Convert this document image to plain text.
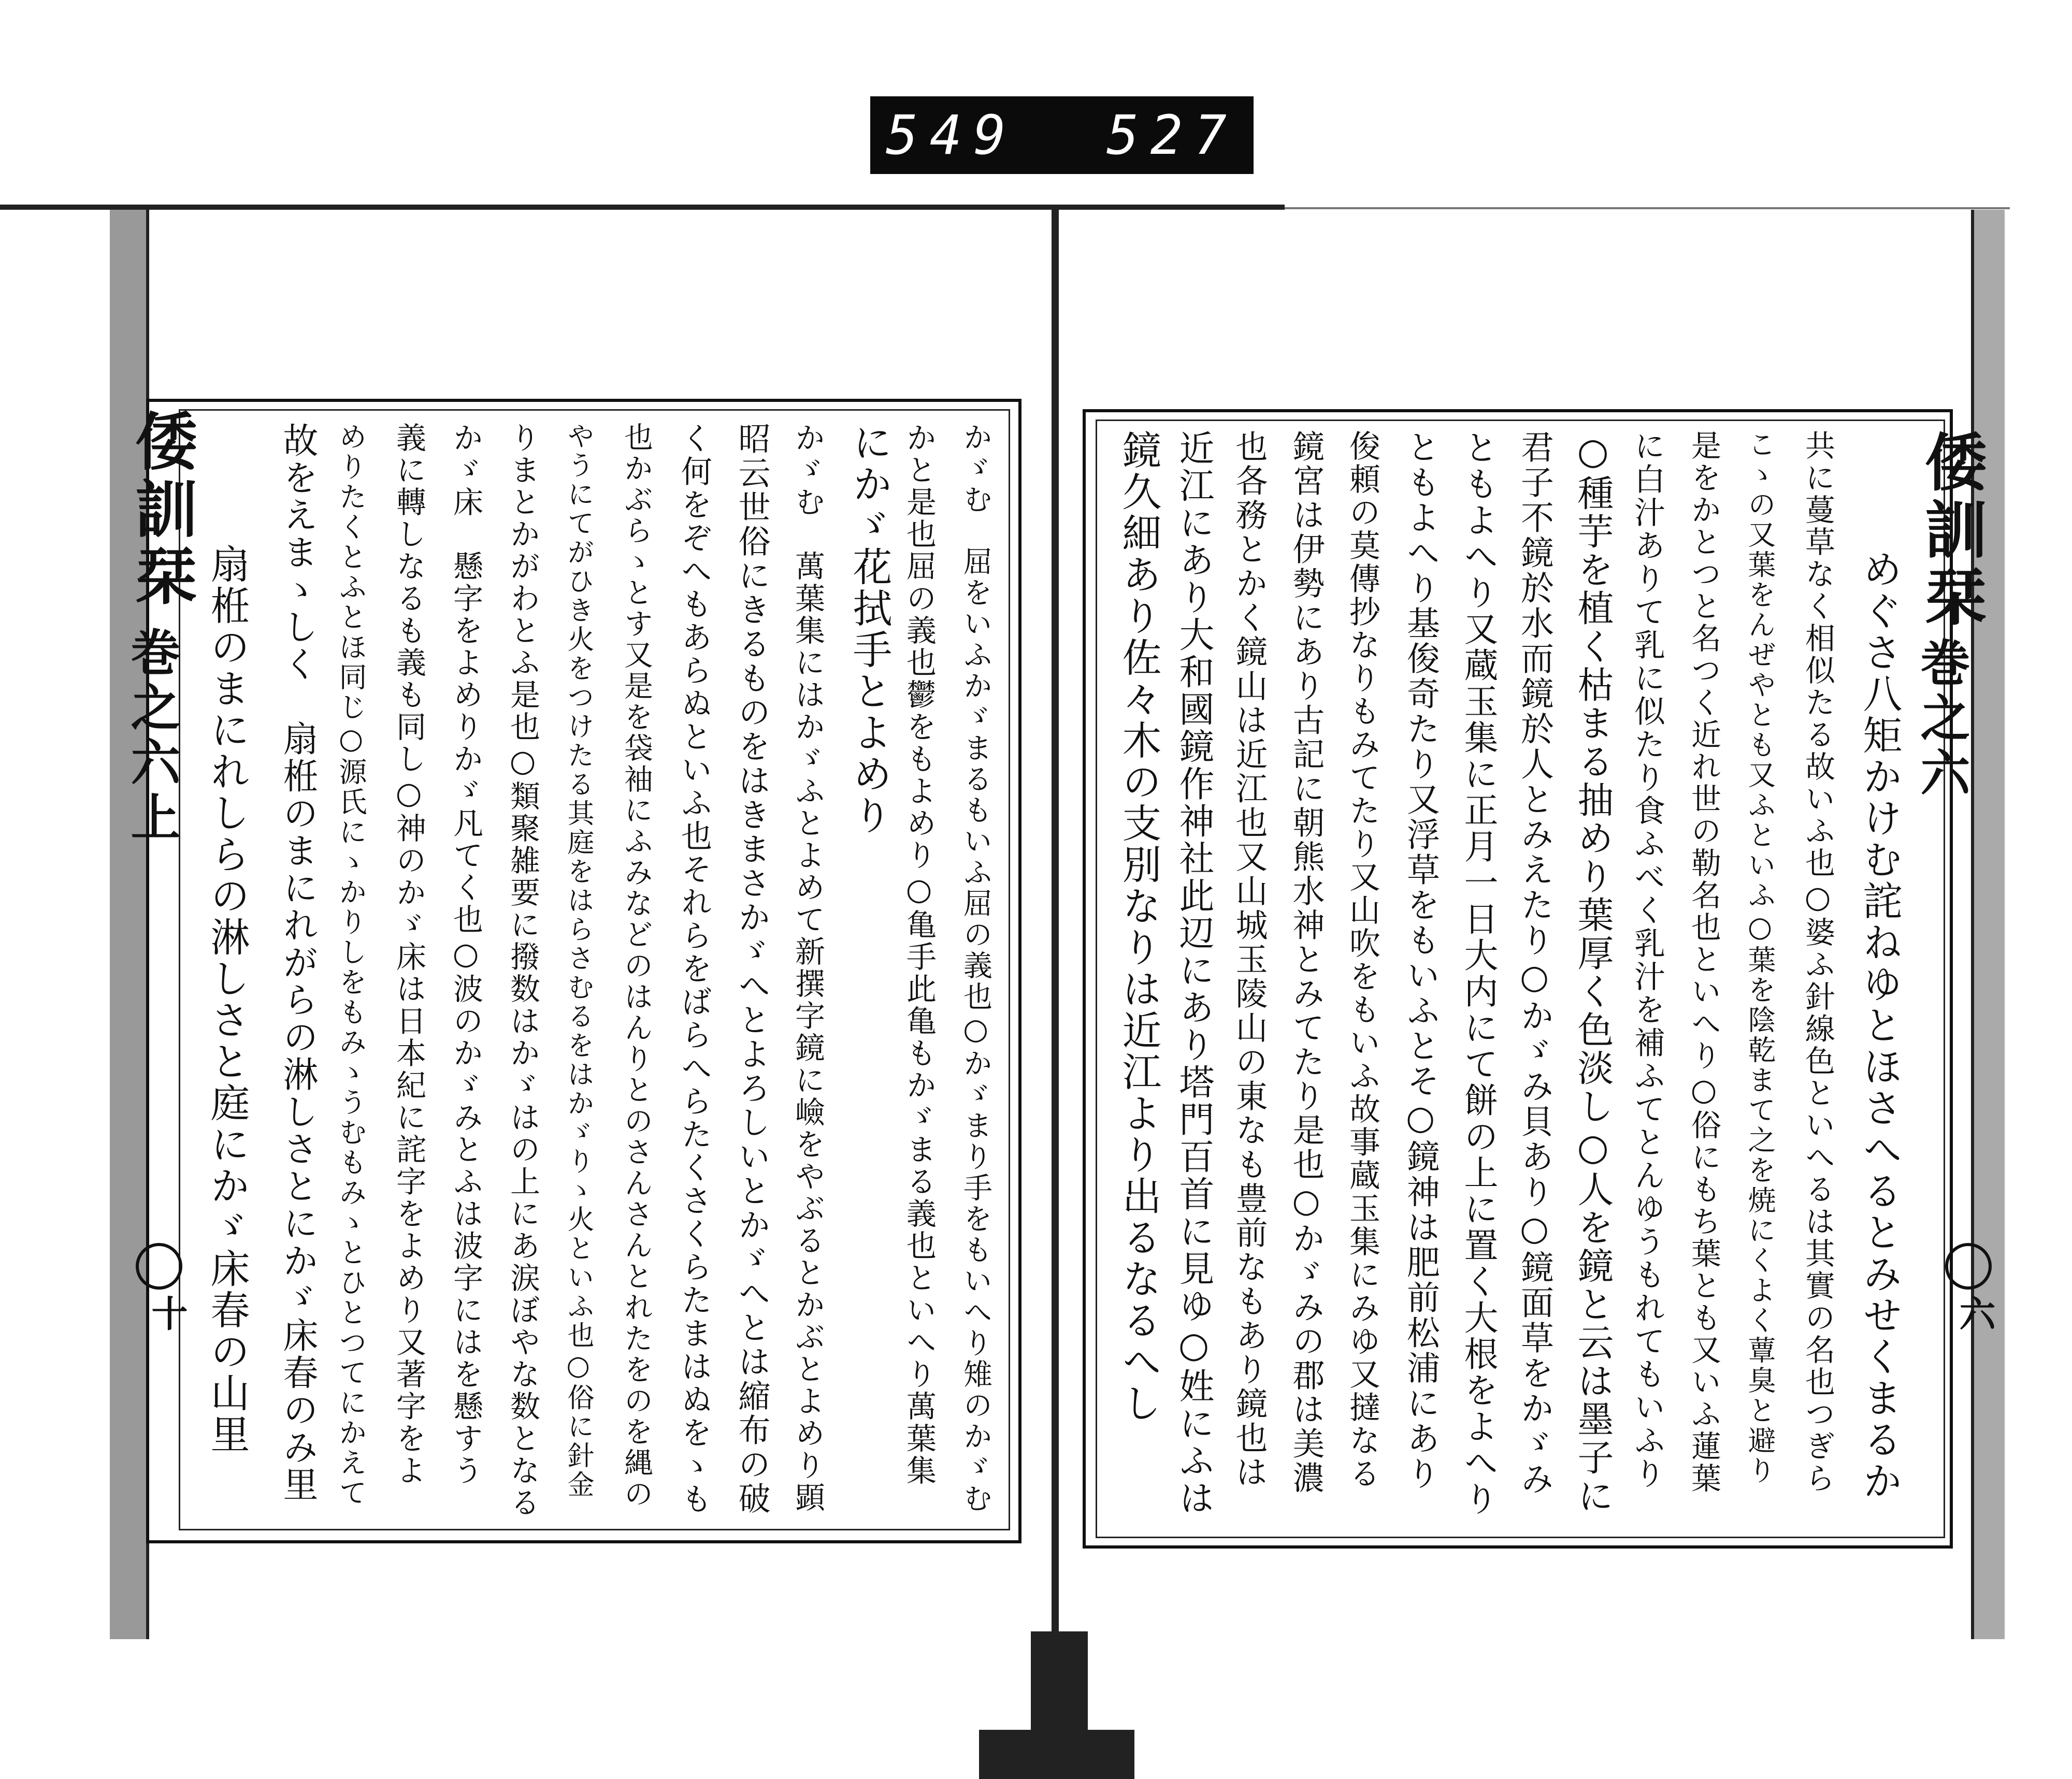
549 527
倭訓栞
巻之六上
十	かゞむ　屈をいふかゞまるもいふ屈の義也○かゞまり手をもいへり雉のかゞむ
かと是也屈の義也鬱をもよめり○亀手此亀もかゞまる義也といへり萬葉集
にかゞ花拭手とよめり
かゞむ　萬葉集にはかゞふとよめて新撰字鏡に嶮をやぶるとかぶとよめり顕
昭云世俗にきるものをはきまさかゞへとよろしいとかゞへとは縮布の破
く何をぞへもあらぬといふ也それらをばらへらたくさくらたまはぬをゝも
也かぶらゝとす又是を袋袖にふみなどのはんりとのさんさんとれたをのを縄の
やうにてがひき火をつけたる其庭をはらさむるをはかゞりゝ火といふ也○俗に針金
りまとかがわとふ是也○類聚雑要に撥数はかゞはの上にあ涙ぼやな数となる
かゞ床　懸字をよめりかゞ凡てく也○波のかゞみとふは波字にはを懸すう
義に轉しなるも義も同し○神のかゞ床は日本紀に詫字をよめり又著字をよ
めりたくとふとほ同じ○源氏にゝかりしをもみゝうむもみゝとひとつてにかえて
故をえまゝしく　扇栣のまにれがらの淋しさとにかゞ床春のみ里
扇栣のまにれしらの淋しさと庭にかゞ床春の山里
倭訓栞
巻之六
六
めぐさ八矩かけむ詫ねゆとほさへるとみせくまるか
共に蔓草なく相似たる故いふ也○婆ふ針線色といへるは其實の名也つぎら
こゝの又葉をんぜやとも又ふといふ○葉を陰乾まて之を焼にくよく蕈臭と避り
是をかとつと名つく近れ世の勒名也といへり○俗にもち葉とも又いふ蓮葉
に白汁ありて乳に似たり食ふべく乳汁を補ふてとんゆうもれてもいふり
○種芋を植く枯まる抽めり葉厚く色淡し○人を鏡と云は墨子に
君子不鏡於水而鏡於人とみえたり○かゞみ貝あり○鏡面草をかゞみ
ともよへり又蔵玉集に正月一日大内にて餅の上に置く大根をよへり
ともよへり基俊奇たり又浮草をもいふとそ○鏡神は肥前松浦にあり
俊頼の莫傳抄なりもみてたり又山吹をもいふ故事蔵玉集にみゆ又撻なる
鏡宮は伊勢にあり古記に朝熊水神とみてたり是也○かゞみの郡は美濃
也各務とかく鏡山は近江也又山城玉陵山の東なも豊前なもあり鏡也は
近江にあり大和國鏡作神社此辺にあり塔門百首に見ゆ○姓にふは
鏡久細あり佐々木の支別なりは近江より出るなるへし
